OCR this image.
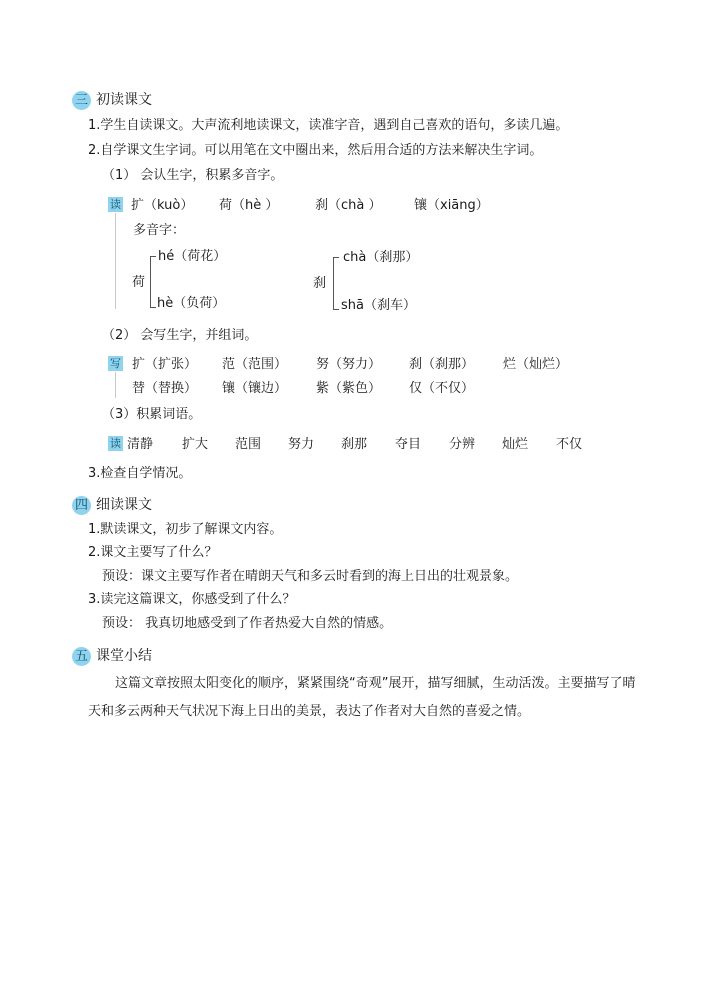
三 初读课文
1.学生自读课文。大声流利地读课文，读准字音，遇到自己喜欢的语句，多读几遍。
2.自学课文生字词。可以用笔在文中圈出来，然后用合适的方法来解决生字词。
（1） 会认生字，积累多音字。
读 扩（kuò） 荷（hè ）	刹（chà ）	镶（xiāng）
多音字：
荷
hé（荷花）
hè（负荷）
刹
chà（刹那）
shā（刹车）
（2） 会写生字，并组词。
写 扩（扩张） 范（范围） 努（努力） 刹（刹那） 烂（灿烂）
替（替换） 镶（镶边） 紫（紫色） 仅（不仅）
（3）积累词语。
读 清静 扩大 范围 努力 刹那 夺目 分辨 灿烂 不仅
3.检查自学情况。
四 细读课文
1.默读课文，初步了解课文内容。
2.课文主要写了什么？
预设：课文主要写作者在晴朗天气和多云时看到的海上日出的壮观景象。
3.读完这篇课文，你感受到了什么？
预设： 我真切地感受到了作者热爱大自然的情感。
五 课堂小结
这篇文章按照太阳变化的顺序，紧紧围绕“奇观”展开，描写细腻，生动活泼。主要描写了晴
天和多云两种天气状况下海上日出的美景，表达了作者对大自然的喜爱之情。
